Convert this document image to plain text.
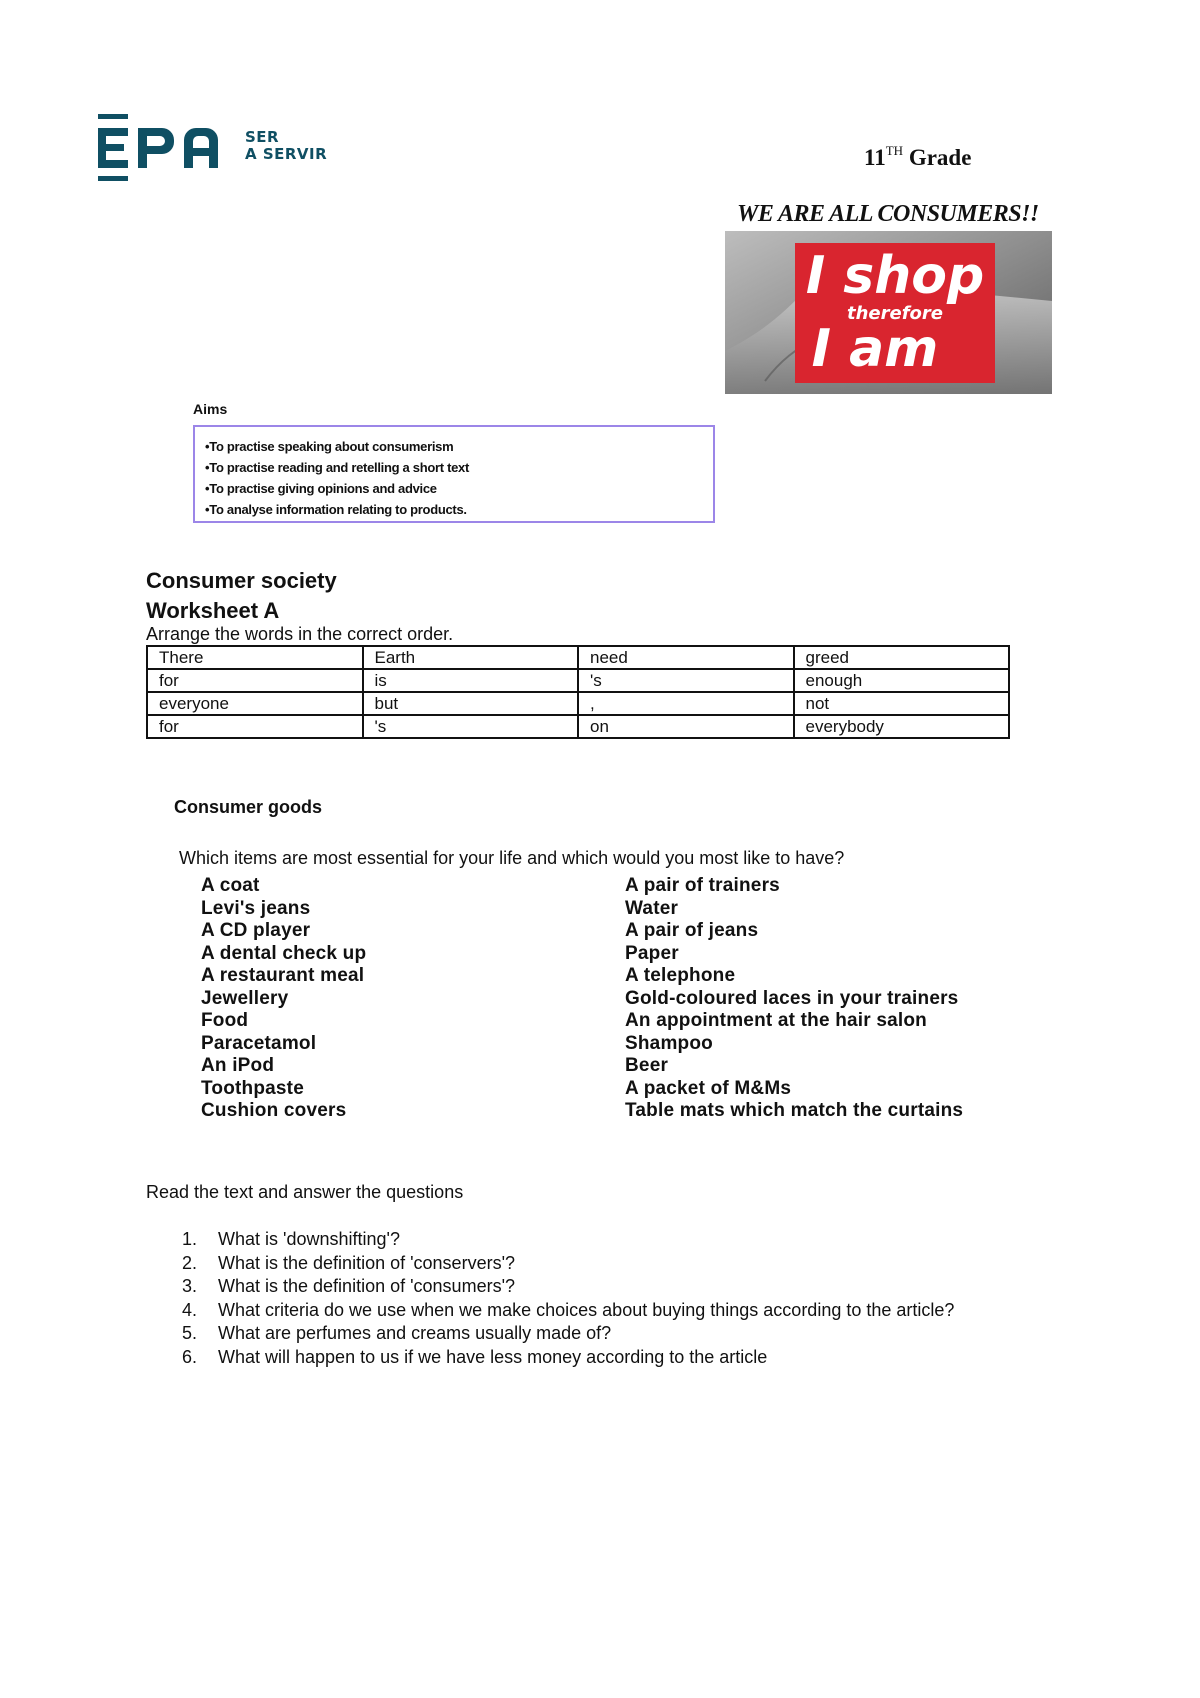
SER
A SERVIR	11TH Grade
WE ARE ALL CONSUMERS!!
I shop
therefore
I am
Aims
• To practise speaking about consumerism
• To practise reading and retelling a short text
• To practise giving opinions and advice
• To analyse information relating to products.
Consumer society
Worksheet A
Arrange the words in the correct order.
There	Earth	need	greed
for	is	's	enough
everyone	but	,	not
for	's	on	everybody
Consumer goods
Which items are most essential for your life and which would you most like to have?
A coat
Levi's jeans
A CD player
A dental check up
A restaurant meal
Jewellery
Food
Paracetamol
An iPod
Toothpaste
Cushion covers
A pair of trainers
Water
A pair of jeans
Paper
A telephone
Gold-coloured laces in your trainers
An appointment at the hair salon
Shampoo
Beer
A packet of M&Ms
Table mats which match the curtains
Read the text and answer the questions
1. What is 'downshifting'?
2. What is the definition of 'conservers'?
3. What is the definition of 'consumers'?
4. What criteria do we use when we make choices about buying things according to the article?
5. What are perfumes and creams usually made of?
6. What will happen to us if we have less money according to the article
